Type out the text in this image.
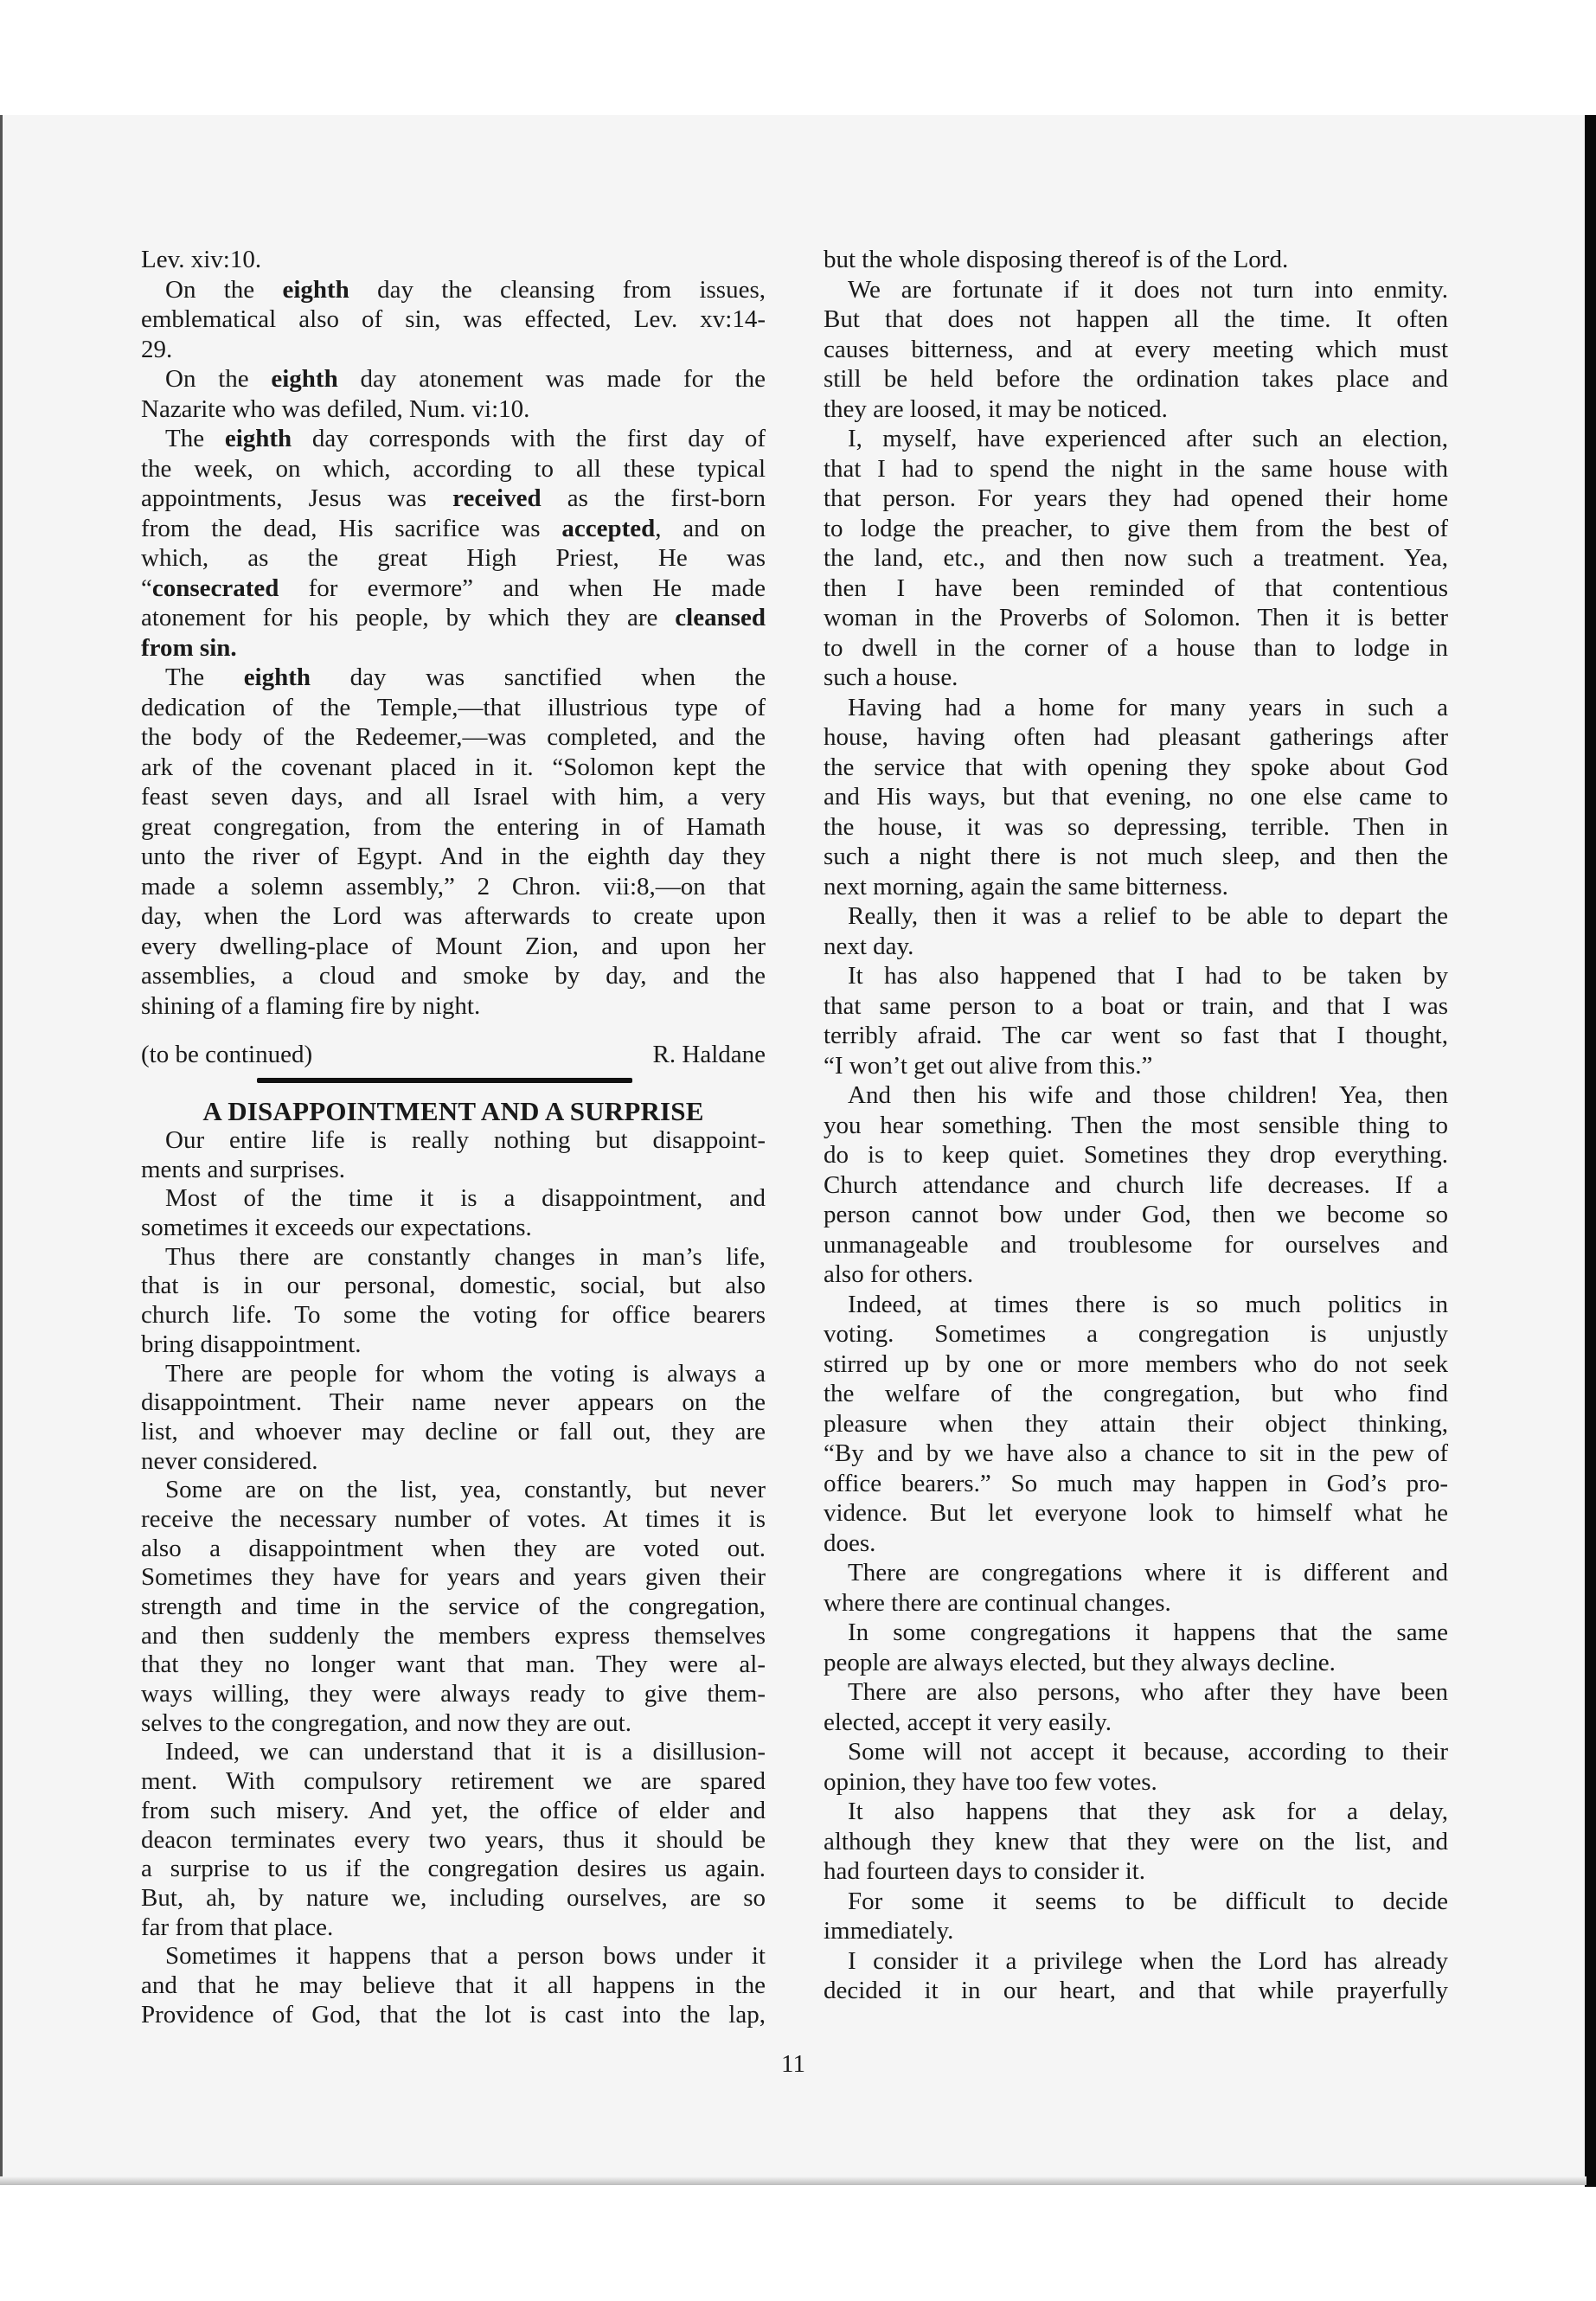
Lev. xiv:10.
On the eighth day the cleansing from issues,
emblematical also of sin, was effected, Lev. xv:14-
29.
On the eighth day atonement was made for the
Nazarite who was defiled, Num. vi:10.
The eighth day corresponds with the first day of
the week, on which, according to all these typical
appointments, Jesus was received as the first-born
from the dead, His sacrifice was accepted, and on
which, as the great High Priest, He was
“consecrated for evermore” and when He made
atonement for his people, by which they are cleansed
from sin.
The eighth day was sanctified when the
dedication of the Temple,—that illustrious type of
the body of the Redeemer,—was completed, and the
ark of the covenant placed in it. “Solomon kept the
feast seven days, and all Israel with him, a very
great congregation, from the entering in of Hamath
unto the river of Egypt. And in the eighth day they
made a solemn assembly,” 2 Chron. vii:8,—on that
day, when the Lord was afterwards to create upon
every dwelling-place of Mount Zion, and upon her
assemblies, a cloud and smoke by day, and the
shining of a flaming fire by night.
(to be continued)	R. Haldane
A DISAPPOINTMENT AND A SURPRISE
Our entire life is really nothing but disappoint-
ments and surprises.
Most of the time it is a disappointment, and
sometimes it exceeds our expectations.
Thus there are constantly changes in man’s life,
that is in our personal, domestic, social, but also
church life. To some the voting for office bearers
bring disappointment.
There are people for whom the voting is always a
disappointment. Their name never appears on the
list, and whoever may decline or fall out, they are
never considered.
Some are on the list, yea, constantly, but never
receive the necessary number of votes. At times it is
also a disappointment when they are voted out.
Sometimes they have for years and years given their
strength and time in the service of the congregation,
and then suddenly the members express themselves
that they no longer want that man. They were al-
ways willing, they were always ready to give them-
selves to the congregation, and now they are out.
Indeed, we can understand that it is a disillusion-
ment. With compulsory retirement we are spared
from such misery. And yet, the office of elder and
deacon terminates every two years, thus it should be
a surprise to us if the congregation desires us again.
But, ah, by nature we, including ourselves, are so
far from that place.
Sometimes it happens that a person bows under it
and that he may believe that it all happens in the
Providence of God, that the lot is cast into the lap,
but the whole disposing thereof is of the Lord.
We are fortunate if it does not turn into enmity.
But that does not happen all the time. It often
causes bitterness, and at every meeting which must
still be held before the ordination takes place and
they are loosed, it may be noticed.
I, myself, have experienced after such an election,
that I had to spend the night in the same house with
that person. For years they had opened their home
to lodge the preacher, to give them from the best of
the land, etc., and then now such a treatment. Yea,
then I have been reminded of that contentious
woman in the Proverbs of Solomon. Then it is better
to dwell in the corner of a house than to lodge in
such a house.
Having had a home for many years in such a
house, having often had pleasant gatherings after
the service that with opening they spoke about God
and His ways, but that evening, no one else came to
the house, it was so depressing, terrible. Then in
such a night there is not much sleep, and then the
next morning, again the same bitterness.
Really, then it was a relief to be able to depart the
next day.
It has also happened that I had to be taken by
that same person to a boat or train, and that I was
terribly afraid. The car went so fast that I thought,
“I won’t get out alive from this.”
And then his wife and those children! Yea, then
you hear something. Then the most sensible thing to
do is to keep quiet. Sometines they drop everything.
Church attendance and church life decreases. If a
person cannot bow under God, then we become so
unmanageable and troublesome for ourselves and
also for others.
Indeed, at times there is so much politics in
voting. Sometimes a congregation is unjustly
stirred up by one or more members who do not seek
the welfare of the congregation, but who find
pleasure when they attain their object thinking,
“By and by we have also a chance to sit in the pew of
office bearers.” So much may happen in God’s pro-
vidence. But let everyone look to himself what he
does.
There are congregations where it is different and
where there are continual changes.
In some congregations it happens that the same
people are always elected, but they always decline.
There are also persons, who after they have been
elected, accept it very easily.
Some will not accept it because, according to their
opinion, they have too few votes.
It also happens that they ask for a delay,
although they knew that they were on the list, and
had fourteen days to consider it.
For some it seems to be difficult to decide
immediately.
I consider it a privilege when the Lord has already
decided it in our heart, and that while prayerfully
11
